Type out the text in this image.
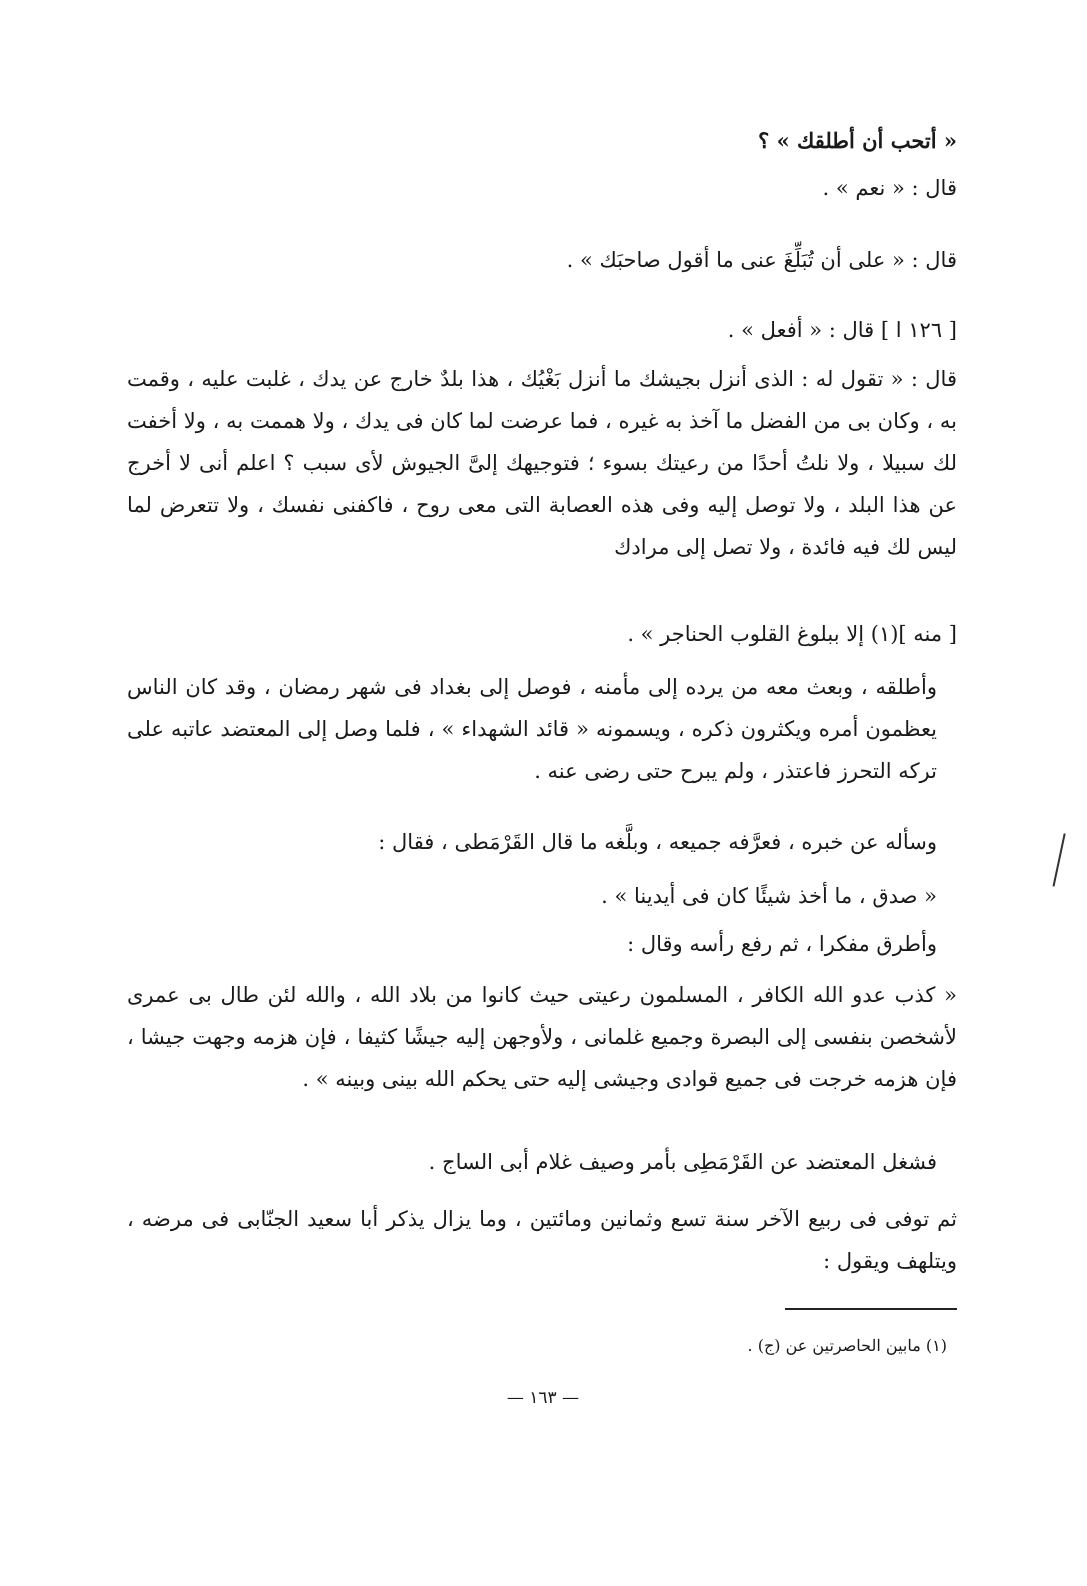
« أتحب أن أطلقك » ؟
قال : « نعم » .
قال : « على أن تُبَلِّغَ عنى ما أقول صاحبَك » .
[ ١٢٦ ا ] قال : « أفعل » .
قال : « تقول له : الذى أنزل بجيشك ما أنزل بَغْيُك ، هذا بلدٌ خارج عن يدك ، غلبت عليه ، وقمت به ، وكان بى من الفضل ما آخذ به غيره ، فما عرضت لما كان فى يدك ، ولا هممت به ، ولا أخفت لك سبيلا ، ولا نلتُ أحدًا من رعيتك بسوء ؛ فتوجيهك إلىَّ الجيوش لأى سبب ؟ اعلم أنى لا أخرج عن هذا البلد ، ولا توصل إليه وفى هذه العصابة التى معى روح ، فاكفنى نفسك ، ولا تتعرض لما ليس لك فيه فائدة ، ولا تصل إلى مرادك
[ منه ](١) إلا ببلوغ القلوب الحناجر » .
وأطلقه ، وبعث معه من يرده إلى مأمنه ، فوصل إلى بغداد فى شهر رمضان ، وقد كان الناس يعظمون أمره ويكثرون ذكره ، ويسمونه « قائد الشهداء » ، فلما وصل إلى المعتضد عاتبه على تركه التحرز فاعتذر ، ولم يبرح حتى رضى عنه .
وسأله عن خبره ، فعرَّفه جميعه ، وبلَّغه ما قال القَرْمَطى ، فقال :
« صدق ، ما أخذ شيئًا كان فى أيدينا » .
وأطرق مفكرا ، ثم رفع رأسه وقال :
« كذب عدو الله الكافر ، المسلمون رعيتى حيث كانوا من بلاد الله ، والله لئن طال بى عمرى لأشخصن بنفسى إلى البصرة وجميع غلمانى ، ولأوجهن إليه جيشًا كثيفا ، فإن هزمه وجهت جيشا ، فإن هزمه خرجت فى جميع قوادى وجيشى إليه حتى يحكم الله بينى وبينه » .
فشغل المعتضد عن القَرْمَطِى بأمر وصيف غلام أبى الساج .
ثم توفى فى ربيع الآخر سنة تسع وثمانين ومائتين ، وما يزال يذكر أبا سعيد الجنّابى فى مرضه ، ويتلهف ويقول :
(١) مابين الحاصرتين عن (ج) .
— ١٦٣ —
